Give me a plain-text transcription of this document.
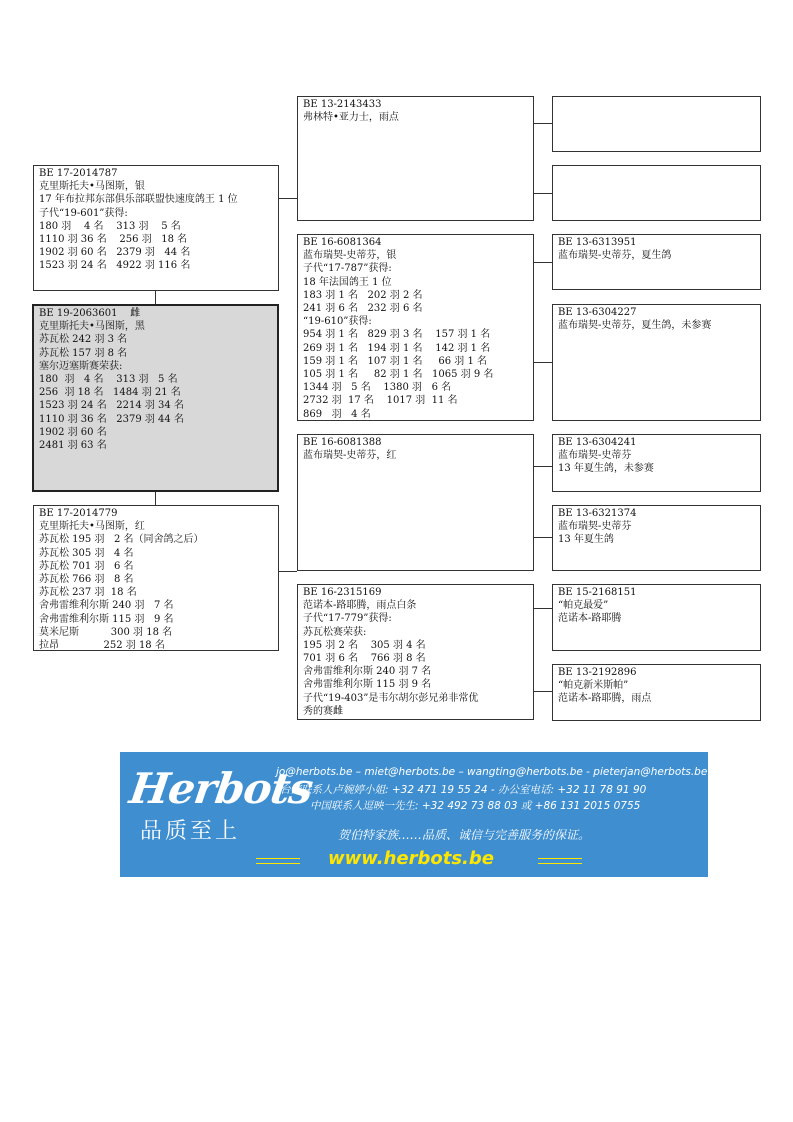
BE 17-2014787
克里斯托夫•马图斯，银
17 年布拉邦东部俱乐部联盟快速度鸽王 1 位
子代“19-601”获得:
180 羽    4 名    313 羽    5 名
1110 羽 36 名    256 羽   18 名
1902 羽 60 名   2379 羽   44 名
1523 羽 24 名   4922 羽 116 名
BE 19-2063601    雌
克里斯托夫•马图斯，黑
苏瓦松 242 羽 3 名
苏瓦松 157 羽 8 名
塞尔迈塞斯赛荣获:
180  羽   4 名    313 羽   5 名
256  羽 18 名   1484 羽 21 名
1523 羽 24 名   2214 羽 34 名
1110 羽 36 名   2379 羽 44 名
1902 羽 60 名
2481 羽 63 名
BE 17-2014779
克里斯托夫•马图斯，红
苏瓦松 195 羽   2 名（同舍鸽之后）
苏瓦松 305 羽   4 名
苏瓦松 701 羽   6 名
苏瓦松 766 羽   8 名
苏瓦松 237 羽  18 名
舍弗雷维利尔斯 240 羽   7 名
舍弗雷维利尔斯 115 羽   9 名
莫米尼斯          300 羽 18 名
拉昂              252 羽 18 名
BE 13-2143433
弗林特•亚力士，雨点
BE 16-6081364
蓝布瑞契-史蒂芬，银
子代“17-787”获得:
18 年法国鸽王 1 位
183 羽 1 名   202 羽 2 名
241 羽 6 名   232 羽 6 名
“19-610”获得:
954 羽 1 名   829 羽 3 名    157 羽 1 名
269 羽 1 名   194 羽 1 名    142 羽 1 名
159 羽 1 名   107 羽 1 名     66 羽 1 名
105 羽 1 名     82 羽 1 名   1065 羽 9 名
1344 羽   5 名    1380 羽   6 名
2732 羽  17 名    1017 羽  11 名
869   羽   4 名
BE 16-6081388
蓝布瑞契-史蒂芬，红
BE 16-2315169
范诺本-路耶腾，雨点白条
子代“17-779”获得:
苏瓦松赛荣获:
195 羽 2 名    305 羽 4 名
701 羽 6 名    766 羽 8 名
舍弗雷维利尔斯 240 羽 7 名
舍弗雷维利尔斯 115 羽 9 名
子代“19-403”是韦尔胡尔彭兄弟非常优
秀的赛雌
BE 13-6313951
蓝布瑞契-史蒂芬，夏生鸽
BE 13-6304227
蓝布瑞契-史蒂芬，夏生鸽，未参赛
BE 13-6304241
蓝布瑞契-史蒂芬
13 年夏生鸽，未参赛
BE 13-6321374
蓝布瑞契-史蒂芬
13 年夏生鸽
BE 15-2168151
“帕克最爱”
范诺本-路耶腾
BE 13-2192896
“帕克新米斯帕”
范诺本-路耶腾，雨点
Herbots
品质至上
jo@herbots.be – miet@herbots.be – wangting@herbots.be - pieterjan@herbots.be
台湾联系人卢婉婷小姐: +32 471 19 55 24 - 办公室电话: +32 11 78 91 90
中国联系人逗映一先生: +32 492 73 88 03 或 +86 131 2015 0755
贺伯特家族……品质、诚信与完善服务的保证。
www.herbots.be
